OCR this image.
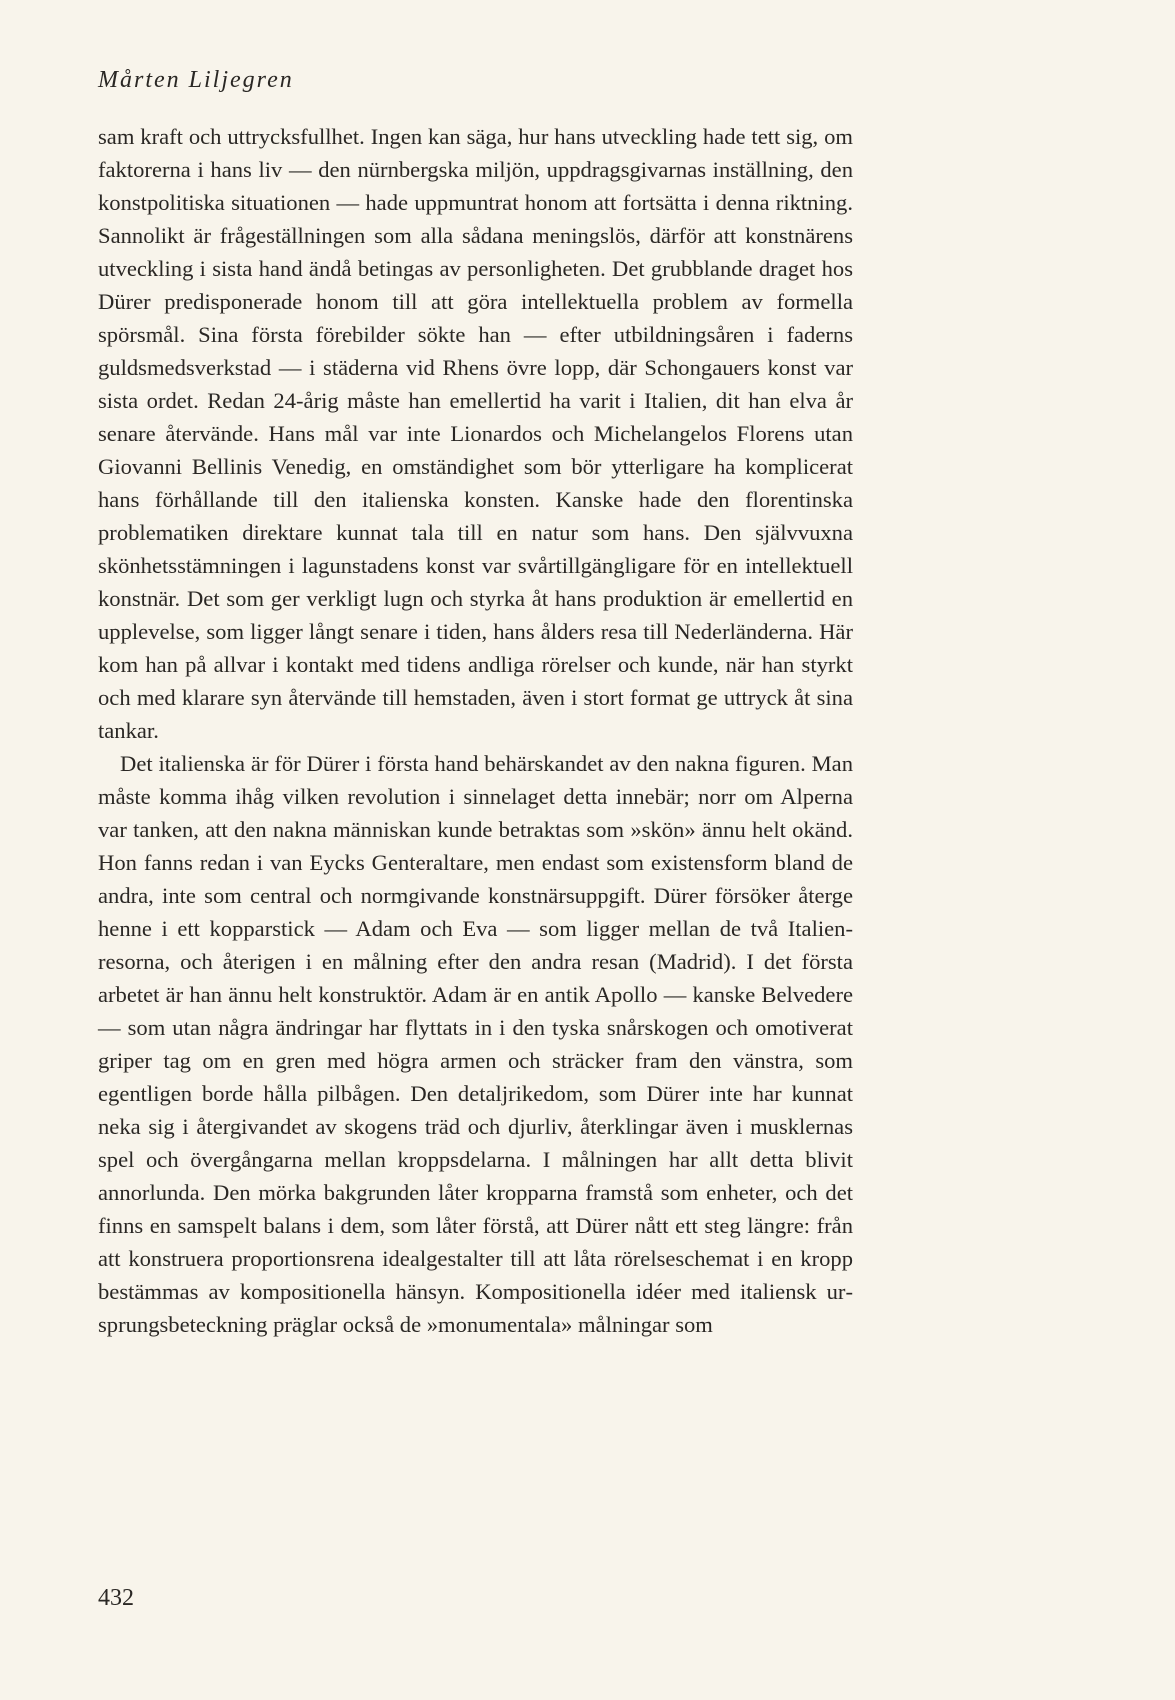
Mårten Liljegren

sam kraft och uttrycksfullhet. Ingen kan säga, hur hans utveckling hade tett sig, om faktorerna i hans liv — den nürnbergska miljön, uppdragsgivarnas inställning, den konstpolitiska situationen — hade uppmuntrat honom att fortsätta i denna riktning. Sannolikt är frågeställningen som alla sådana meningslös, därför att konstnärens utveckling i sista hand ändå betingas av personligheten. Det grubblande draget hos Dürer predisponerade honom till att göra intellektuella problem av formella spörsmål. Sina första förebilder sökte han — efter utbildningsåren i faderns guldsmedsverkstad — i städerna vid Rhens övre lopp, där Schongauers konst var sista ordet. Redan 24-årig måste han emellertid ha varit i Italien, dit han elva år senare återvände. Hans mål var inte Lionardos och Michelangelos Florens utan Giovanni Bellinis Venedig, en omständighet som bör ytterligare ha komplicerat hans förhållande till den italienska konsten. Kanske hade den florentinska problematiken direktare kunnat tala till en natur som hans. Den självvuxna skönhetsstämningen i lagunstadens konst var svårtillgängligare för en intellektuell konstnär. Det som ger verkligt lugn och styrka åt hans produktion är emellertid en upplevelse, som ligger långt senare i tiden, hans ålders resa till Nederländerna. Här kom han på allvar i kontakt med tidens andliga rörelser och kunde, när han styrkt och med klarare syn återvände till hemstaden, även i stort format ge uttryck åt sina tankar.

Det italienska är för Dürer i första hand behärskandet av den nakna figuren. Man måste komma ihåg vilken revolution i sinnelaget detta innebär; norr om Alperna var tanken, att den nakna människan kunde betraktas som »skön» ännu helt okänd. Hon fanns redan i van Eycks Genteraltare, men endast som existensform bland de andra, inte som central och normgivande konstnärsuppgift. Dürer försöker återge henne i ett kopparstick — Adam och Eva — som ligger mellan de två Italienresorna, och återigen i en målning efter den andra resan (Madrid). I det första arbetet är han ännu helt konstruktör. Adam är en antik Apollo — kanske Belvedere — som utan några ändringar har flyttats in i den tyska snårskogen och omotiverat griper tag om en gren med högra armen och sträcker fram den vänstra, som egentligen borde hålla pilbågen. Den detaljrikedom, som Dürer inte har kunnat neka sig i återgivandet av skogens träd och djurliv, återklingar även i musklernas spel och övergångarna mellan kroppsdelarna. I målningen har allt detta blivit annorlunda. Den mörka bakgrunden låter kropparna framstå som enheter, och det finns en samspelt balans i dem, som låter förstå, att Dürer nått ett steg längre: från att konstruera proportionsrena idealgestalter till att låta rörelseschemat i en kropp bestämmas av kompositionella hänsyn. Kompositionella idéer med italiensk ursprungsbeteckning präglar också de »monumentala» målningar som

432
